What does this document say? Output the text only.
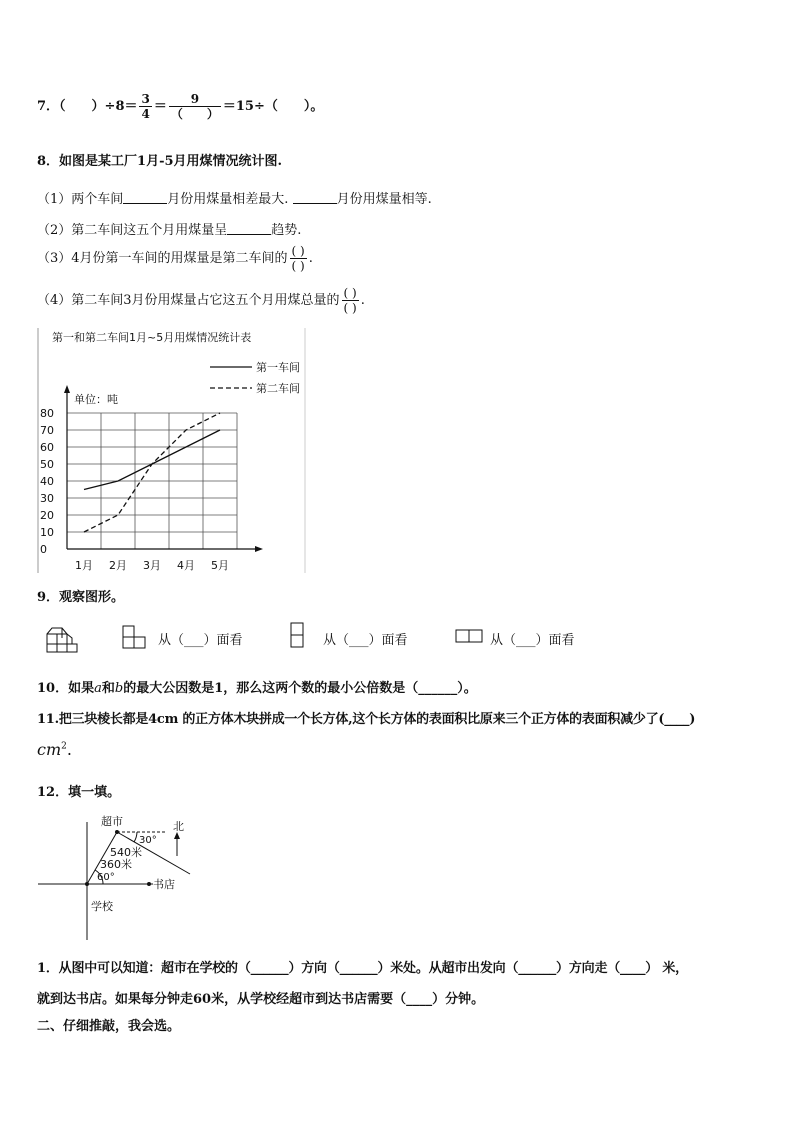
7．（　　）$\div 8= \frac{3}{4} = \frac{9}{( )} =15\div$（　　）。
8．如图是某工厂1月-5月用煤情况统计图.
（1）两个车间	月份用煤量相差最大.	月份用煤量相等.
（2）第二车间这五个月用煤量呈	趋势.
（3）4月份第一车间的用煤量是第二车间的 $\frac{( )}{( )}$ .
（4）第二车间3月份用煤量占它这五个月用煤总量的 $\frac{( )}{( )}$ .
第一和第二车间1月~5月用煤情况统计表
第一车间
第二车间
单位：吨
0
10
20
30
40
50
60
70
80
1月 2月 3月 4月 5月
9．观察图形。
从（___）面看	从（___）面看	从（___）面看
10．如果a和b的最大公因数是1，那么这两个数的最小公倍数是（______）。
11.把三块棱长都是4cm 的正方体木块拼成一个长方体,这个长方体的表面积比原来三个正方体的表面积减少了(____)
$cm^2$.
12．填一填。
超市	北
30°
540米
360米
60°
书店
学校
1．从图中可以知道：超市在学校的（______）方向（______）米处。从超市出发向（______）方向走（____） 米，
就到达书店。如果每分钟走60米，从学校经超市到达书店需要（____）分钟。
二、仔细推敲，我会选。
